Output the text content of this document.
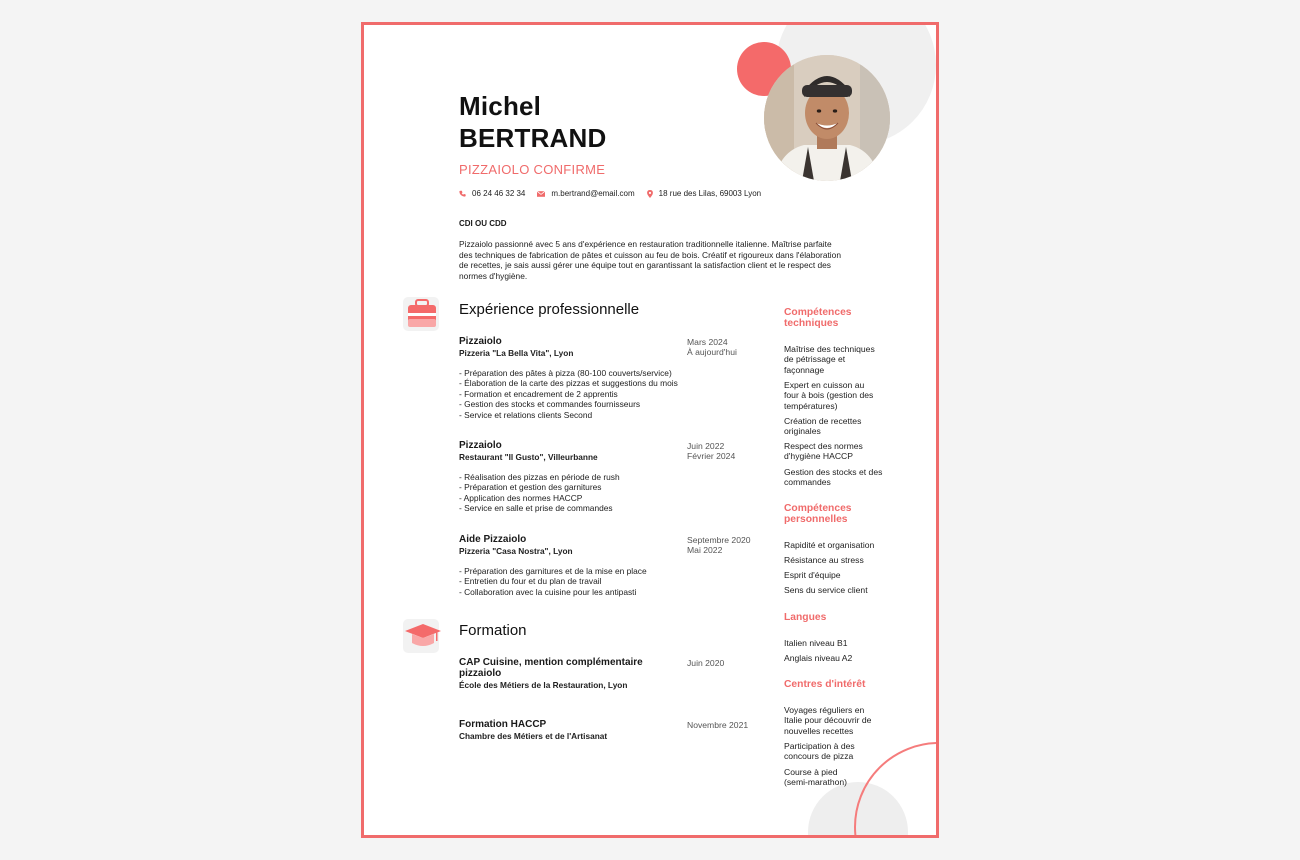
Michel
BERTRAND
PIZZAIOLO CONFIRME
06 24 46 32 34	m.bertrand@email.com	18 rue des Lilas, 69003 Lyon
CDI OU CDD
Pizzaiolo passionné avec 5 ans d'expérience en restauration traditionnelle italienne. Maîtrise parfaite des techniques de fabrication de pâtes et cuisson au feu de bois. Créatif et rigoureux dans l'élaboration de recettes, je sais aussi gérer une équipe tout en garantissant la satisfaction client et le respect des normes d'hygiène.
Expérience professionnelle
Pizzaiolo
Pizzeria "La Bella Vita", Lyon
Mars 2024
À aujourd'hui
- Préparation des pâtes à pizza (80-100 couverts/service)
- Élaboration de la carte des pizzas et suggestions du mois
- Formation et encadrement de 2 apprentis
- Gestion des stocks et commandes fournisseurs
- Service et relations clients Second
Pizzaiolo
Restaurant "Il Gusto", Villeurbanne
Juin 2022
Février 2024
- Réalisation des pizzas en période de rush
- Préparation et gestion des garnitures
- Application des normes HACCP
- Service en salle et prise de commandes
Aide Pizzaiolo
Pizzeria "Casa Nostra", Lyon
Septembre 2020
Mai 2022
- Préparation des garnitures et de la mise en place
- Entretien du four et du plan de travail
- Collaboration avec la cuisine pour les antipasti
Formation
CAP Cuisine, mention complémentaire
pizzaiolo
École des Métiers de la Restauration, Lyon
Juin 2020
Formation HACCP
Chambre des Métiers et de l'Artisanat
Novembre 2021
Compétences
techniques
Maîtrise des techniques
de pétrissage et
façonnage
Expert en cuisson au
four à bois (gestion des
températures)
Création de recettes
originales
Respect des normes
d'hygiène HACCP
Gestion des stocks et des
commandes
Compétences
personnelles
Rapidité et organisation
Résistance au stress
Esprit d'équipe
Sens du service client
Langues
Italien niveau B1
Anglais niveau A2
Centres d'intérêt
Voyages réguliers en
Italie pour découvrir de
nouvelles recettes
Participation à des
concours de pizza
Course à pied
(semi-marathon)
